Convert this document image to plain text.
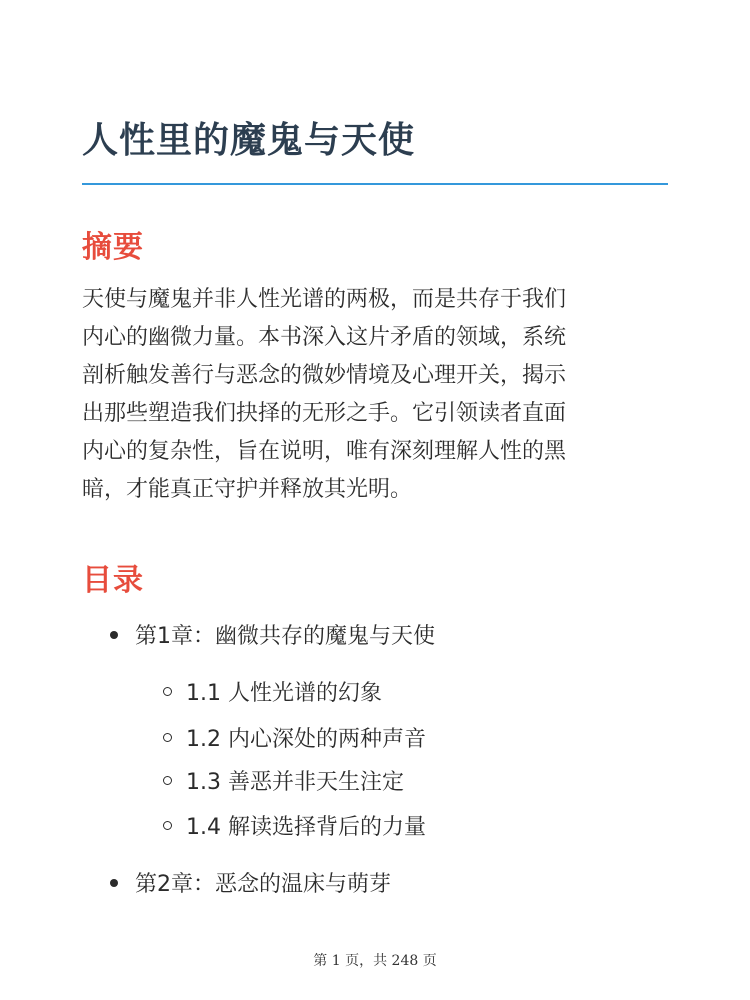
人性里的魔鬼与天使
摘要
天使与魔鬼并非人性光谱的两极，而是共存于我们
内心的幽微力量。本书深入这片矛盾的领域，系统
剖析触发善行与恶念的微妙情境及心理开关，揭示
出那些塑造我们抉择的无形之手。它引领读者直面
内心的复杂性，旨在说明，唯有深刻理解人性的黑
暗，才能真正守护并释放其光明。
目录
第1章：幽微共存的魔鬼与天使
1.1 人性光谱的幻象
1.2 内心深处的两种声音
1.3 善恶并非天生注定
1.4 解读选择背后的力量
第2章：恶念的温床与萌芽
第 1 页，共 248 页
